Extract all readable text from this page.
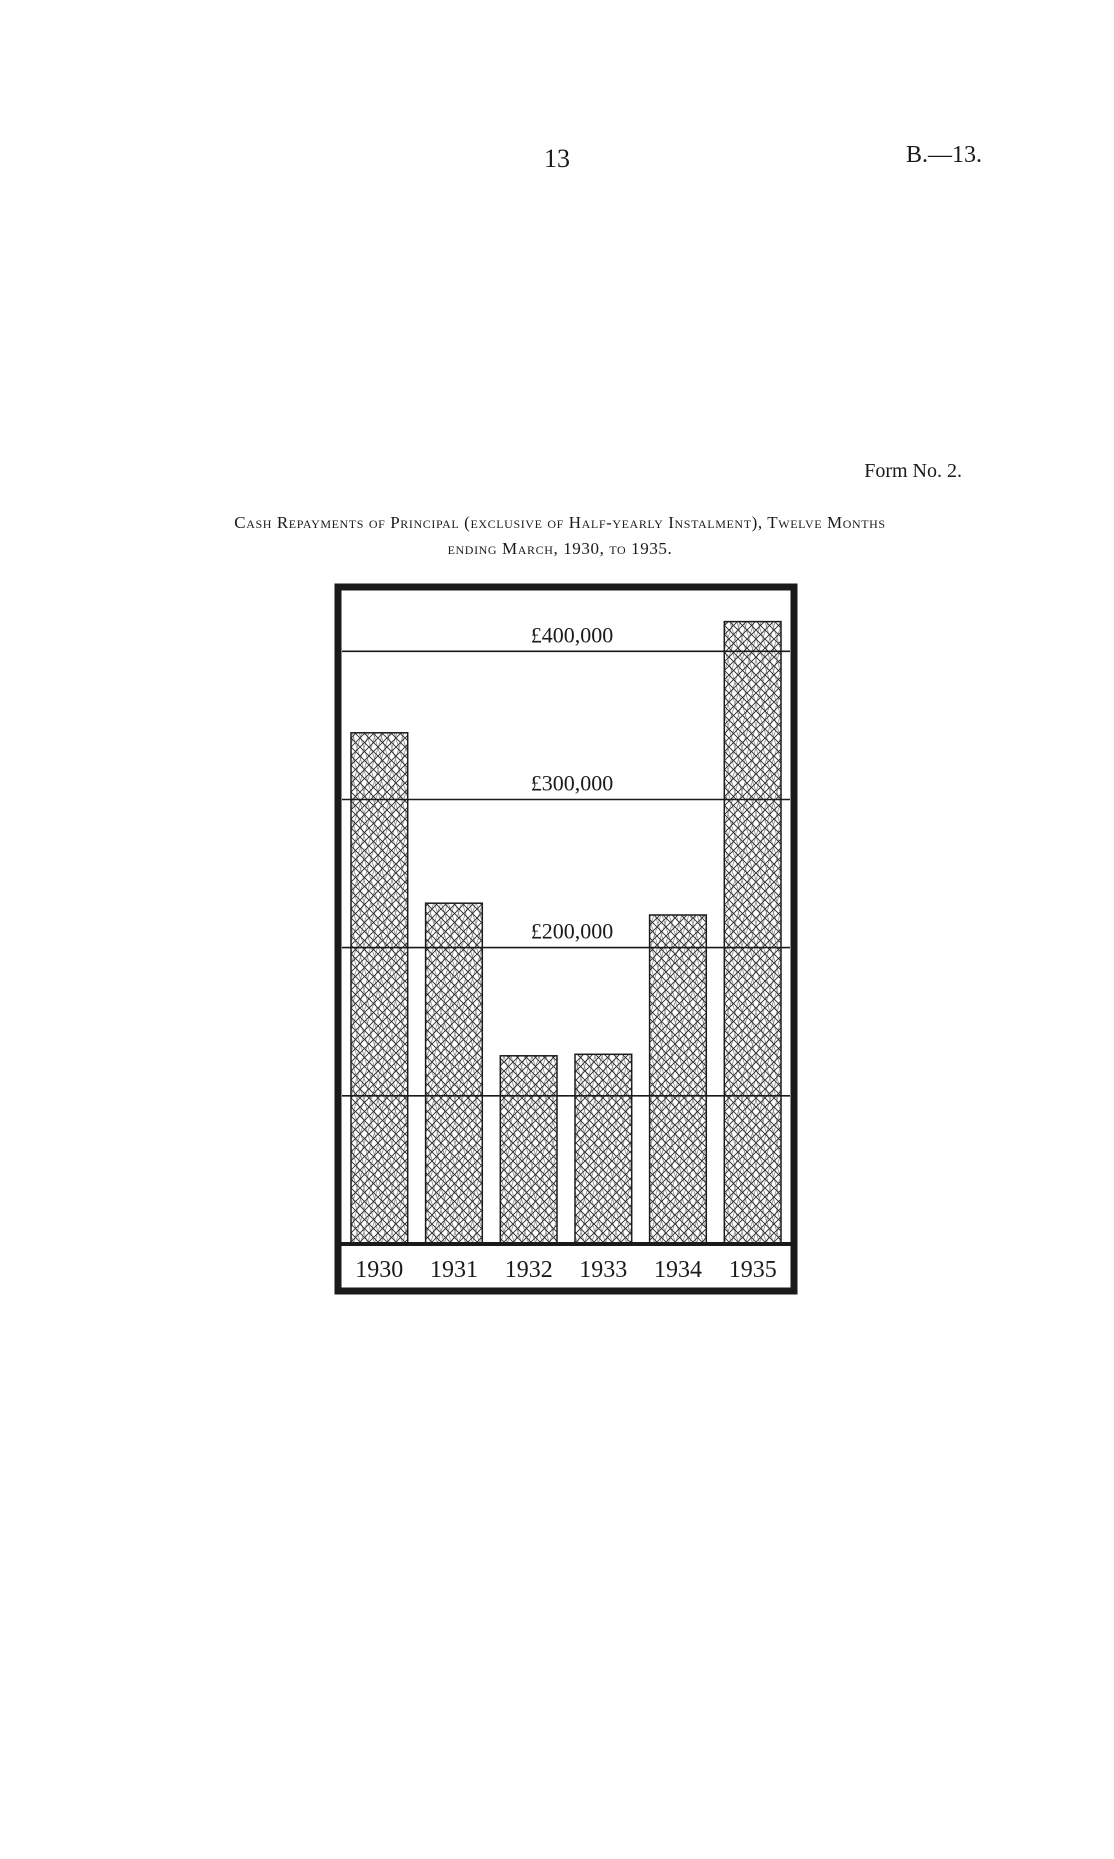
13	B.—13.
Form No. 2.
Cash Repayments of Principal (exclusive of Half-yearly Instalment), Twelve Months
ending March, 1930, to 1935.
£200,000
£300,000
£400,000
1930 1931 1932 1933 1934 1935
